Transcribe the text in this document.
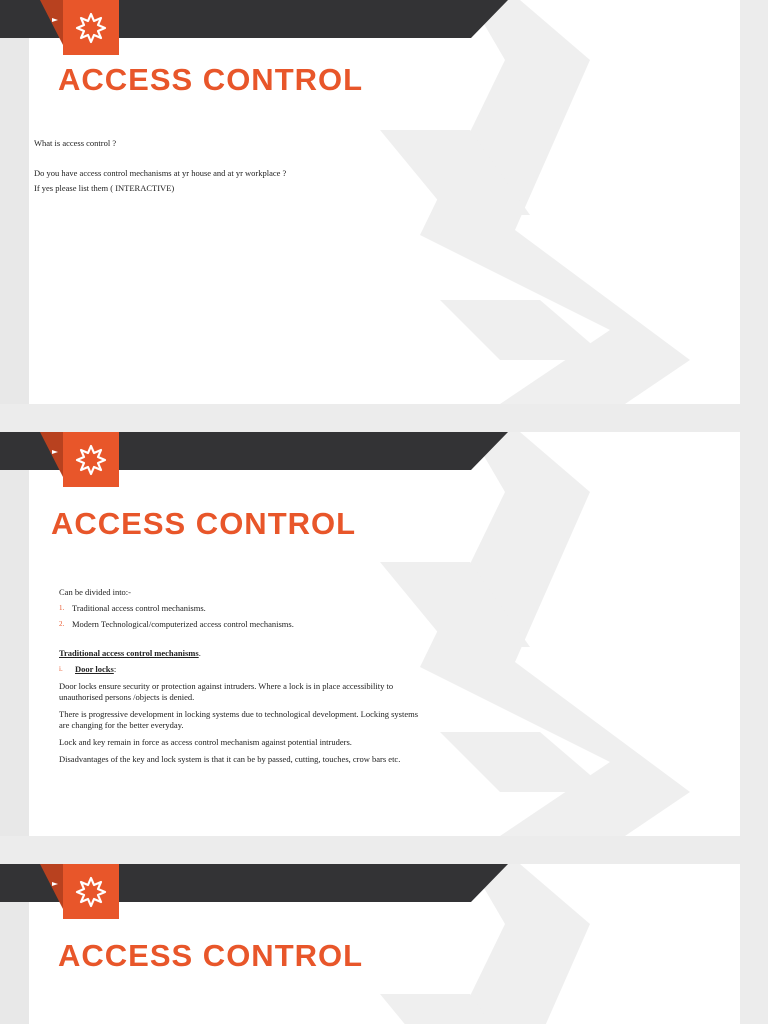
ACCESS CONTROL

What is access control ?

Do you have access control mechanisms at yr house and at yr workplace ?

If yes please list them ( INTERACTIVE)

ACCESS CONTROL

Can be divided into:-

1. Traditional access control mechanisms.
2. Modern Technological/computerized access control mechanisms.

Traditional access control mechanisms.

i.	Door locks:

Door locks ensure security or protection against intruders. Where a lock is in place accessibility to unauthorised persons /objects is denied.

There is progressive development in locking systems due to technological development. Locking systems are changing for the better everyday.

Lock and key remain in force as access control mechanism against potential intruders.

Disadvantages of the key and lock system is that it can be by passed, cutting, touches, crow bars etc.

ACCESS CONTROL
